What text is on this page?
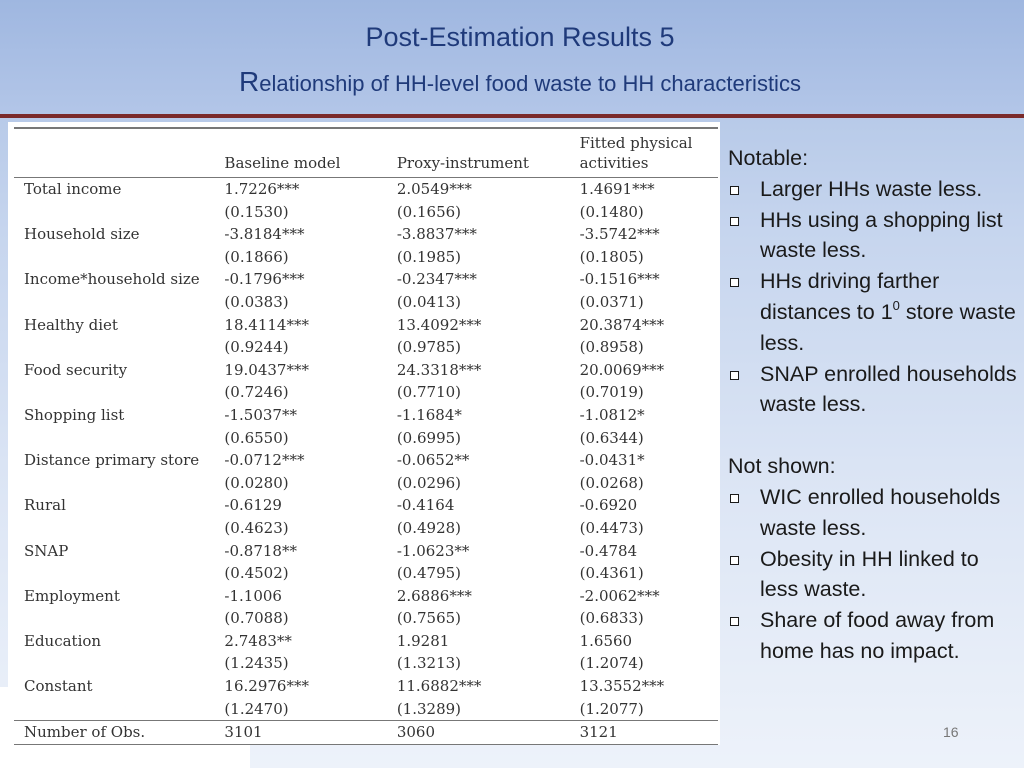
Post-Estimation Results 5
Relationship of HH-level food waste to HH characteristics

	Baseline model	Proxy-instrument	Fitted physical
activities
Total income	1.7226***	2.0549***	1.4691***
	(0.1530)	(0.1656)	(0.1480)
Household size	-3.8184***	-3.8837***	-3.5742***
	(0.1866)	(0.1985)	(0.1805)
Income*household size	-0.1796***	-0.2347***	-0.1516***
	(0.0383)	(0.0413)	(0.0371)
Healthy diet	18.4114***	13.4092***	20.3874***
	(0.9244)	(0.9785)	(0.8958)
Food security	19.0437***	24.3318***	20.0069***
	(0.7246)	(0.7710)	(0.7019)
Shopping list	-1.5037**	-1.1684*	-1.0812*
	(0.6550)	(0.6995)	(0.6344)
Distance primary store	-0.0712***	-0.0652**	-0.0431*
	(0.0280)	(0.0296)	(0.0268)
Rural	-0.6129	-0.4164	-0.6920
	(0.4623)	(0.4928)	(0.4473)
SNAP	-0.8718**	-1.0623**	-0.4784
	(0.4502)	(0.4795)	(0.4361)
Employment	-1.1006	2.6886***	-2.0062***
	(0.7088)	(0.7565)	(0.6833)
Education	2.7483**	1.9281	1.6560
	(1.2435)	(1.3213)	(1.2074)
Constant	16.2976***	11.6882***	13.3552***
	(1.2470)	(1.3289)	(1.2077)
Number of Obs.	3101	3060	3121
Notable:
Larger HHs waste less.
HHs using a shopping list waste less.
HHs driving farther distances to $1^0$ store waste less.
SNAP enrolled households waste less.
Not shown:
WIC enrolled households waste less.
Obesity in HH linked to less waste.
Share of food away from home has no impact.
16
